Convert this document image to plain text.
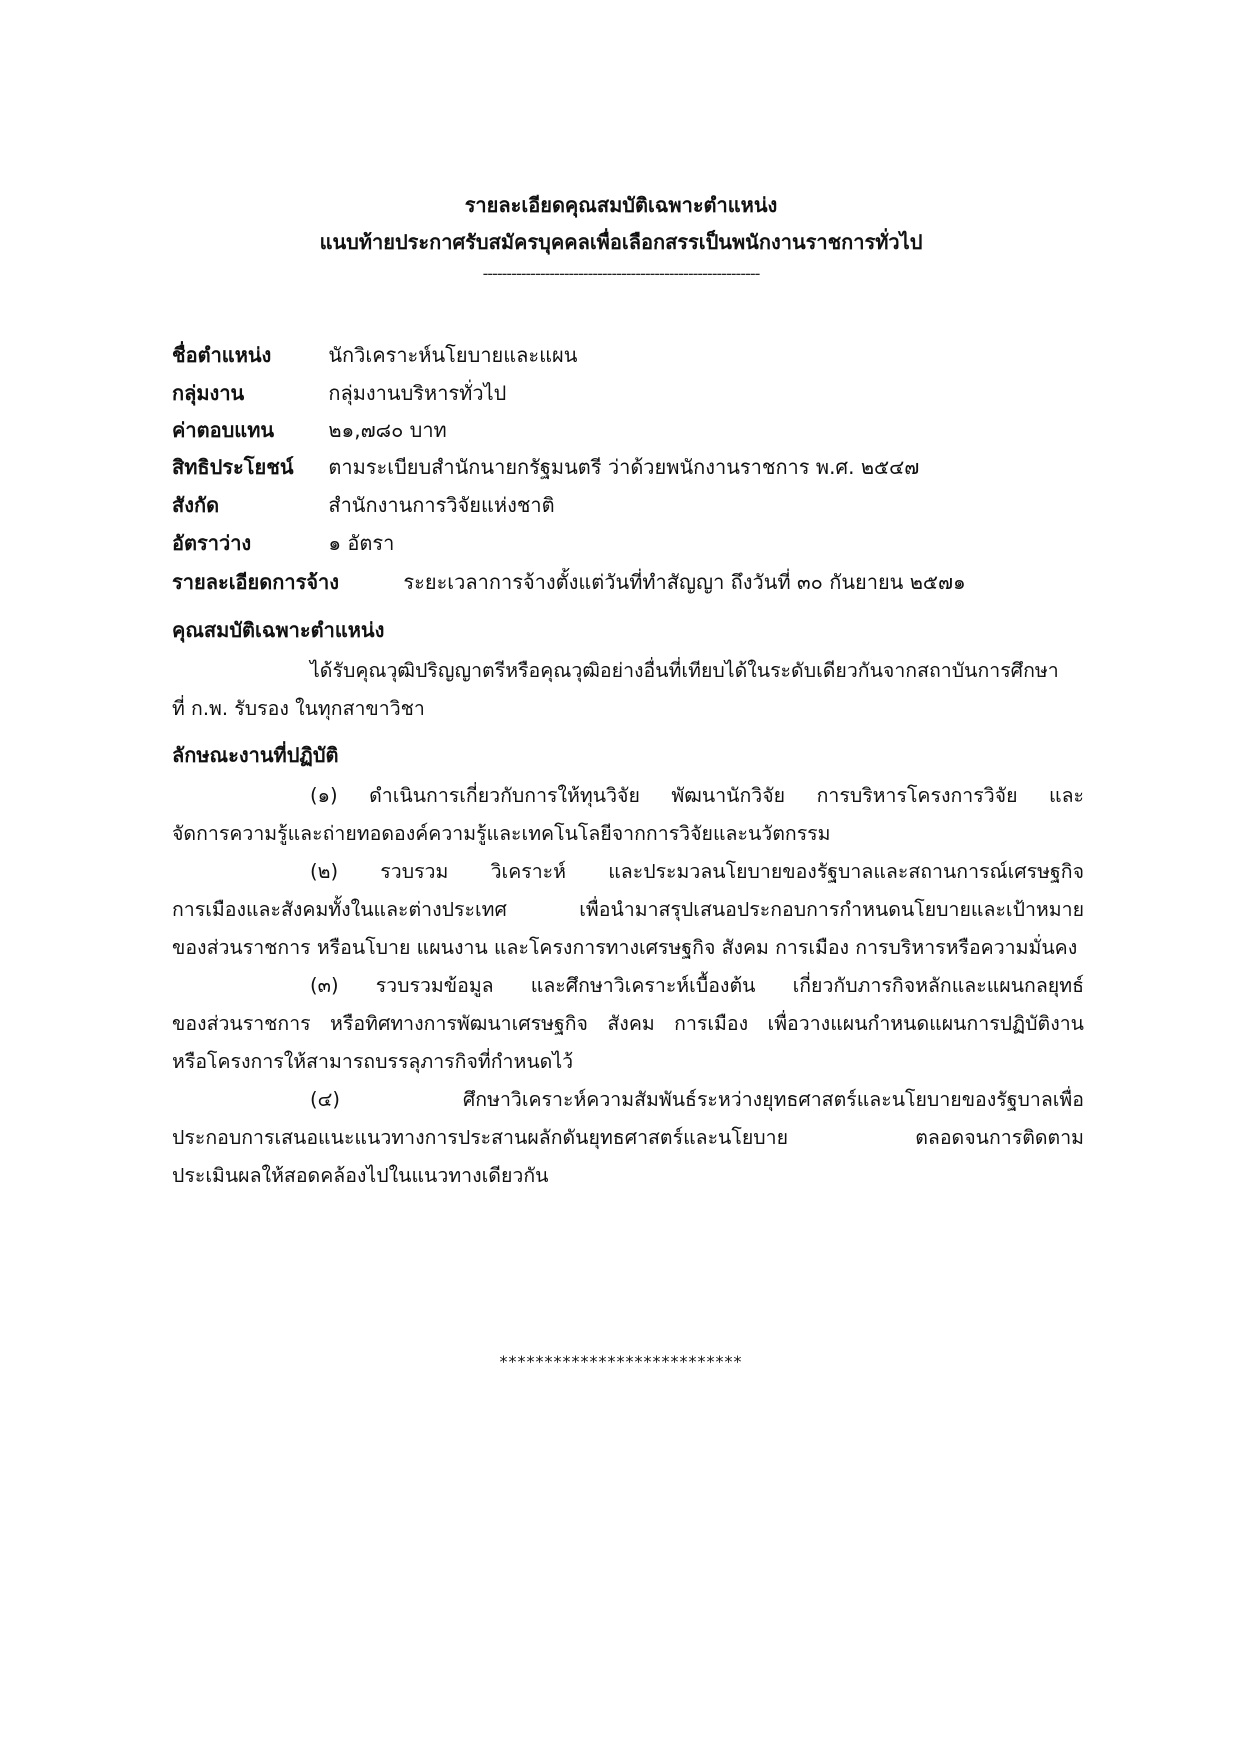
รายละเอียดคุณสมบัติเฉพาะตำแหน่ง
แนบท้ายประกาศรับสมัครบุคคลเพื่อเลือกสรรเป็นพนักงานราชการทั่วไป
----------------------------------------------------------
ชื่อตำแหน่ง	นักวิเคราะห์นโยบายและแผน
กลุ่มงาน	กลุ่มงานบริหารทั่วไป
ค่าตอบแทน	๒๑,๗๘๐ บาท
สิทธิประโยชน์ ตามระเบียบสำนักนายกรัฐมนตรี ว่าด้วยพนักงานราชการ พ.ศ. ๒๕๔๗
สังกัด	สำนักงานการวิจัยแห่งชาติ
อัตราว่าง	๑ อัตรา
รายละเอียดการจ้าง	ระยะเวลาการจ้างตั้งแต่วันที่ทำสัญญา ถึงวันที่ ๓๐ กันยายน ๒๕๗๑
คุณสมบัติเฉพาะตำแหน่ง
ได้รับคุณวุฒิปริญญาตรีหรือคุณวุฒิอย่างอื่นที่เทียบได้ในระดับเดียวกันจากสถาบันการศึกษา
ที่ ก.พ. รับรอง ในทุกสาขาวิชา
ลักษณะงานที่ปฏิบัติ
(๑) ดำเนินการเกี่ยวกับการให้ทุนวิจัย พัฒนานักวิจัย การบริหารโครงการวิจัย และ
จัดการความรู้และถ่ายทอดองค์ความรู้และเทคโนโลยีจากการวิจัยและนวัตกรรม
(๒) รวบรวม วิเคราะห์ และประมวลนโยบายของรัฐบาลและสถานการณ์เศรษฐกิจ
การเมืองและสังคมทั้งในและต่างประเทศ เพื่อนำมาสรุปเสนอประกอบการกำหนดนโยบายและเป้าหมาย
ของส่วนราชการ หรือนโบาย แผนงาน และโครงการทางเศรษฐกิจ สังคม การเมือง การบริหารหรือความมั่นคง
(๓) รวบรวมข้อมูล และศึกษาวิเคราะห์เบื้องต้น เกี่ยวกับภารกิจหลักและแผนกลยุทธ์
ของส่วนราชการ หรือทิศทางการพัฒนาเศรษฐกิจ สังคม การเมือง เพื่อวางแผนกำหนดแผนการปฏิบัติงาน
หรือโครงการให้สามารถบรรลุภารกิจที่กำหนดไว้
(๔) ศึกษาวิเคราะห์ความสัมพันธ์ระหว่างยุทธศาสตร์และนโยบายของรัฐบาลเพื่อ
ประกอบการเสนอแนะแนวทางการประสานผลักดันยุทธศาสตร์และนโยบาย ตลอดจนการติดตาม
ประเมินผลให้สอดคล้องไปในแนวทางเดียวกัน
***************************
